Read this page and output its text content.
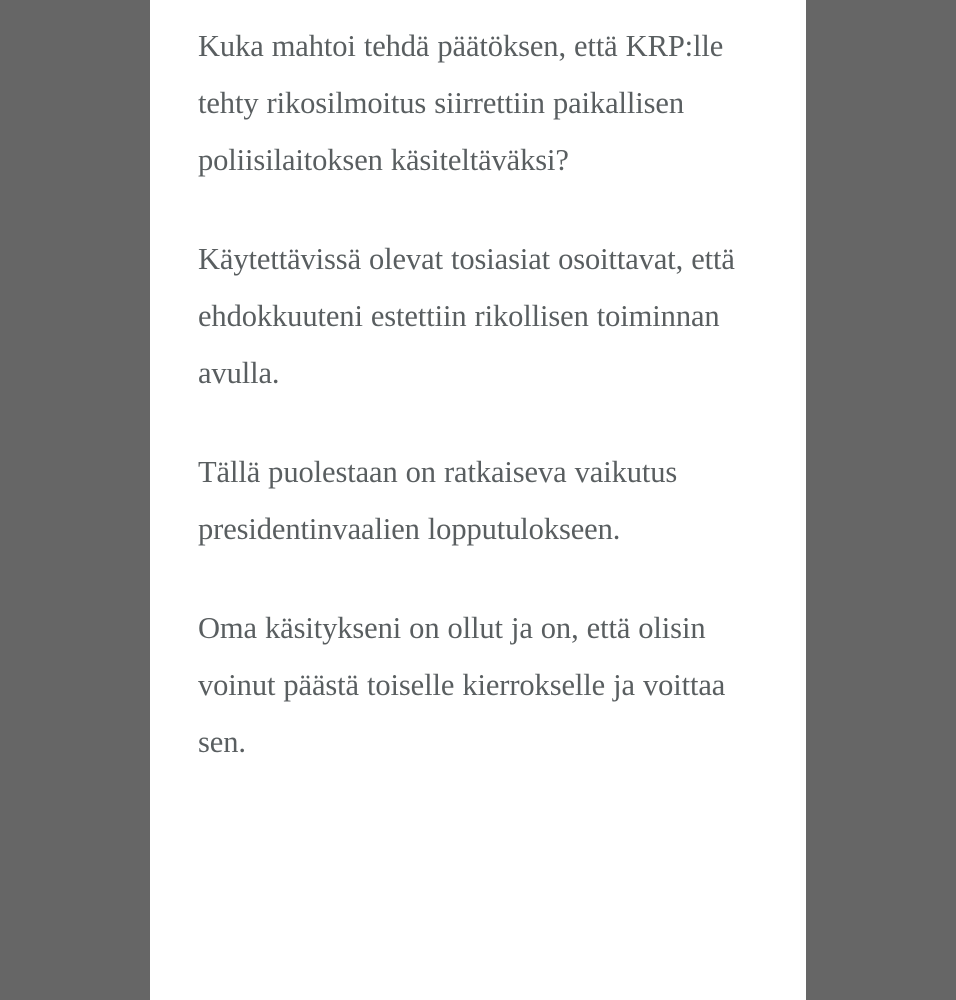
Kuka mahtoi tehdä päätöksen, että KRP:lle tehty rikosilmoitus siirrettiin paikallisen poliisilaitoksen käsiteltäväksi?

Käytettävissä olevat tosiasiat osoittavat, että ehdokkuuteni estettiin rikollisen toiminnan avulla.

Tällä puolestaan on ratkaiseva vaikutus presidentinvaalien lopputulokseen.

Oma käsitykseni on ollut ja on, että olisin voinut päästä toiselle kierrokselle ja voittaa sen.
